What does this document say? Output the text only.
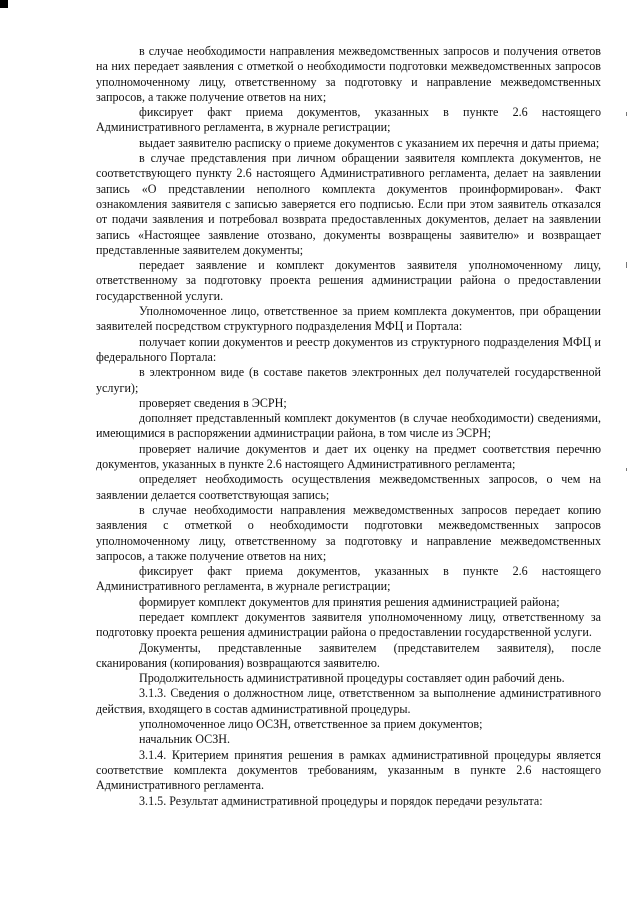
в случае необходимости направления межведомственных запросов и получения ответов на них передает заявления с отметкой о необходимости подготовки межведомственных запросов уполномоченному лицу, ответственному за подготовку и направление межведомственных запросов, а также получение ответов на них;

фиксирует факт приема документов, указанных в пункте 2.6 настоящего Административного регламента, в журнале регистрации;

выдает заявителю расписку о приеме документов с указанием их перечня и даты приема;

в случае представления при личном обращении заявителя комплекта документов, не соответствующего пункту 2.6 настоящего Административного регламента, делает на заявлении запись «О представлении неполного комплекта документов проинформирован». Факт ознакомления заявителя с записью заверяется его подписью. Если при этом заявитель отказался от подачи заявления и потребовал возврата предоставленных документов, делает на заявлении запись «Настоящее заявление отозвано, документы возвращены заявителю» и возвращает представленные заявителем документы;

передает заявление и комплект документов заявителя уполномоченному лицу, ответственному за подготовку проекта решения администрации района о предоставлении государственной услуги.

Уполномоченное лицо, ответственное за прием комплекта документов, при обращении заявителей посредством структурного подразделения МФЦ и Портала:

получает копии документов и реестр документов из структурного подразделения МФЦ и федерального Портала:

в электронном виде (в составе пакетов электронных дел получателей государственной услуги);

проверяет сведения в ЭСРН;

дополняет представленный комплект документов (в случае необходимости) сведениями, имеющимися в распоряжении администрации района, в том числе из ЭСРН;

проверяет наличие документов и дает их оценку на предмет соответствия перечню документов, указанных в пункте 2.6 настоящего Административного регламента;

определяет необходимость осуществления межведомственных запросов, о чем на заявлении делается соответствующая запись;

в случае необходимости направления межведомственных запросов передает копию заявления с отметкой о необходимости подготовки межведомственных запросов уполномоченному лицу, ответственному за подготовку и направление межведомственных запросов, а также получение ответов на них;

фиксирует факт приема документов, указанных в пункте 2.6 настоящего Административного регламента, в журнале регистрации;

формирует комплект документов для принятия решения администрацией района;

передает комплект документов заявителя уполномоченному лицу, ответственному за подготовку проекта решения администрации района о предоставлении государственной услуги.

Документы, представленные заявителем (представителем заявителя), после сканирования (копирования) возвращаются заявителю.

Продолжительность административной процедуры составляет один рабочий день.

3.1.3. Сведения о должностном лице, ответственном за выполнение административного действия, входящего в состав административной процедуры.

уполномоченное лицо ОСЗН, ответственное за прием документов;

начальник ОСЗН.

3.1.4. Критерием принятия решения в рамках административной процедуры является соответствие комплекта документов требованиям, указанным в пункте 2.6 настоящего Административного регламента.

3.1.5. Результат административной процедуры и порядок передачи результата:
